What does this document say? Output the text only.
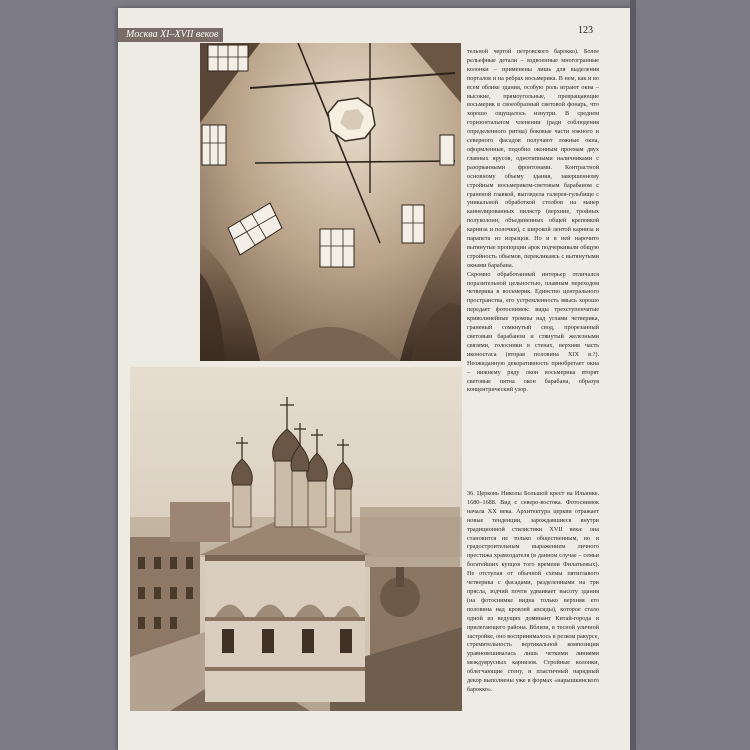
Москва XI–XVII веков	123

тельной чертой петровского барокко). Более рельефные детали – вздвоенные многогранные колонки – применены лишь для выделения порталов и на ребрах восьмерика. В нем, как и во всем облике здания, особую роль играют окна – высокие, прямоугольные, превращающие восьмерик в своеобразный световой фонарь, что хорошо ощущалось изнутри. В среднем горизонтальном членении (ради соблюдения определенного ритма) боковые части южного и северного фасадов получают ложные окна, оформленные, подобно оконным проемам двух главных ярусов, однотипными наличниками с разорванными фронтонами. Контрастной основному объему здания, завершенному стройным восьмериком-световым барабаном с граненой главкой, выглядела галерея-гульбище с уникальной обработкой столбов на манер каннелированных пилястр (верхние, тройных полуколонн, объединенных общей креповкой карниза и полочки), с широкой лентой карниза и парапета из изразцов. Но и в ней нарочито вытянутые пропорции арок подчеркивали общую стройность объемов, перекликаясь с вытянутыми окнами барабана.

Скромно обработанный интерьер отличался поразительной цельностью, плавным переходом четверика в восьмерик. Единство центрального пространства, его устремленность ввысь хорошо передает фотоснимок: виды трехступенчатые криволинейные тромпы над углами четверика, граненый сомкнутый свод, прорезанный световым барабаном и стянутый железными связями, голосники в стенах, верхняя часть иконостаса (вторая половина XIX в.?). Неожиданную декоративность приобретает окна – нижнему ряду окон восьмерика вторят световые пятна окон барабана, образуя концентрический узор.

36. Церковь Николы Большой крест на Ильинке. 1680–1688. Вид с северо-востока. Фотоснимок начала ХХ века. Архитектура церкви отражает новые тенденции, зарождавшиеся внутри традиционной стилистики XVII века: она становится не только общественным, но и градостроительным выражением личного престижа храмоздателя (в данном случае – семьи богатейших купцов того времени Филатьевых). Не отступая от обычной схемы пятиглавого четверика с фасадами, разделенными на три прясла, зодчий почти удваивает высоту здания (на фотоснимке видна только верхняя его половина над кровлей апсиды), которое стало одной из ведущих доминант Китай-города и прилегающего района. Вблизи, в тесной уличной застройке, оно воспринималось в резком ракурсе, стремительность вертикальной композиции уравновешивалась лишь четкими линиями междуярусных карнизов. Стройные колонки, облегчающие стену, и пластичный нарядный декор выполнены уже в формах «нарышкинского барокко».
